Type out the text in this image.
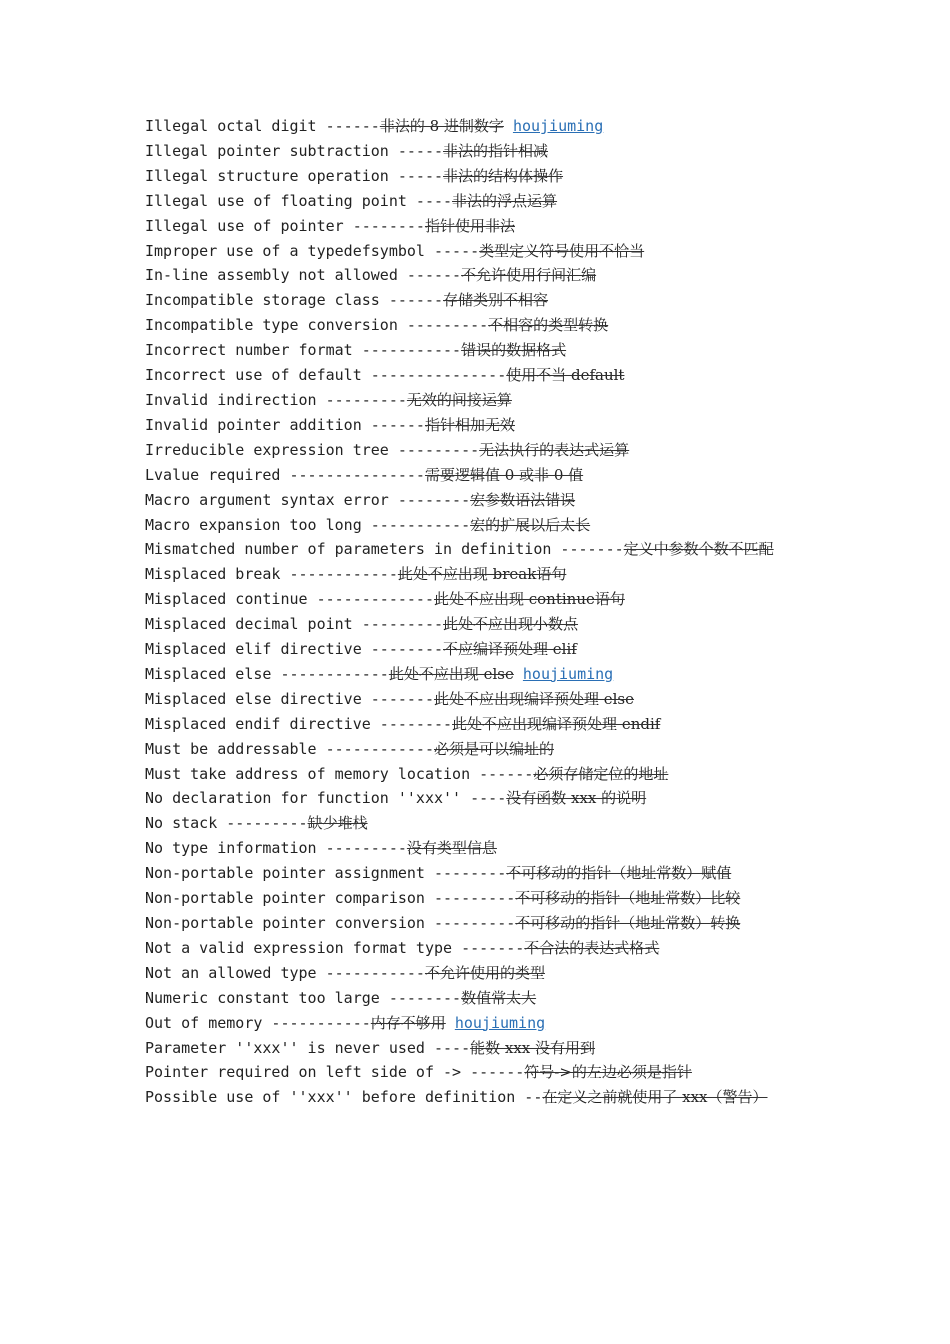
Illegal octal digit ------非法的 8 进制数字 houjiuming

Illegal pointer subtraction -----非法的指针相减

Illegal structure operation -----非法的结构体操作

Illegal use of floating point ----非法的浮点运算

Illegal use of pointer --------指针使用非法

Improper use of a typedefsymbol -----类型定义符号使用不恰当

In-line assembly not allowed ------不允许使用行间汇编

Incompatible storage class ------存储类别不相容

Incompatible type conversion ---------不相容的类型转换

Incorrect number format -----------错误的数据格式

Incorrect use of default ---------------使用不当 default

Invalid indirection ---------无效的间接运算

Invalid pointer addition ------指针相加无效

Irreducible expression tree ---------无法执行的表达式运算

Lvalue required ---------------需要逻辑值 0 或非 0 值

Macro argument syntax error --------宏参数语法错误

Macro expansion too long -----------宏的扩展以后太长

Mismatched number of parameters in definition -------定义中参数个数不匹配

Misplaced break ------------此处不应出现 break语句

Misplaced continue -------------此处不应出现 continue语句

Misplaced decimal point ---------此处不应出现小数点

Misplaced elif directive --------不应编译预处理 elif

Misplaced else ------------此处不应出现 else houjiuming

Misplaced else directive -------此处不应出现编译预处理 else

Misplaced endif directive --------此处不应出现编译预处理 endif

Must be addressable ------------必须是可以编址的

Must take address of memory location ------必须存储定位的地址

No declaration for function ''xxx'' ----没有函数 xxx 的说明

No stack ---------缺少堆栈

No type information ---------没有类型信息

Non-portable pointer assignment --------不可移动的指针（地址常数）赋值

Non-portable pointer comparison ---------不可移动的指针（地址常数）比较

Non-portable pointer conversion ---------不可移动的指针（地址常数）转换

Not a valid expression format type -------不合法的表达式格式

Not an allowed type -----------不允许使用的类型

Numeric constant too large --------数值常太大

Out of memory -----------内存不够用 houjiuming

Parameter ''xxx'' is never used ----能数 xxx 没有用到

Pointer required on left side of -> ------符号->的左边必须是指针

Possible use of ''xxx'' before definition --在定义之前就使用了 xxx（警告）
